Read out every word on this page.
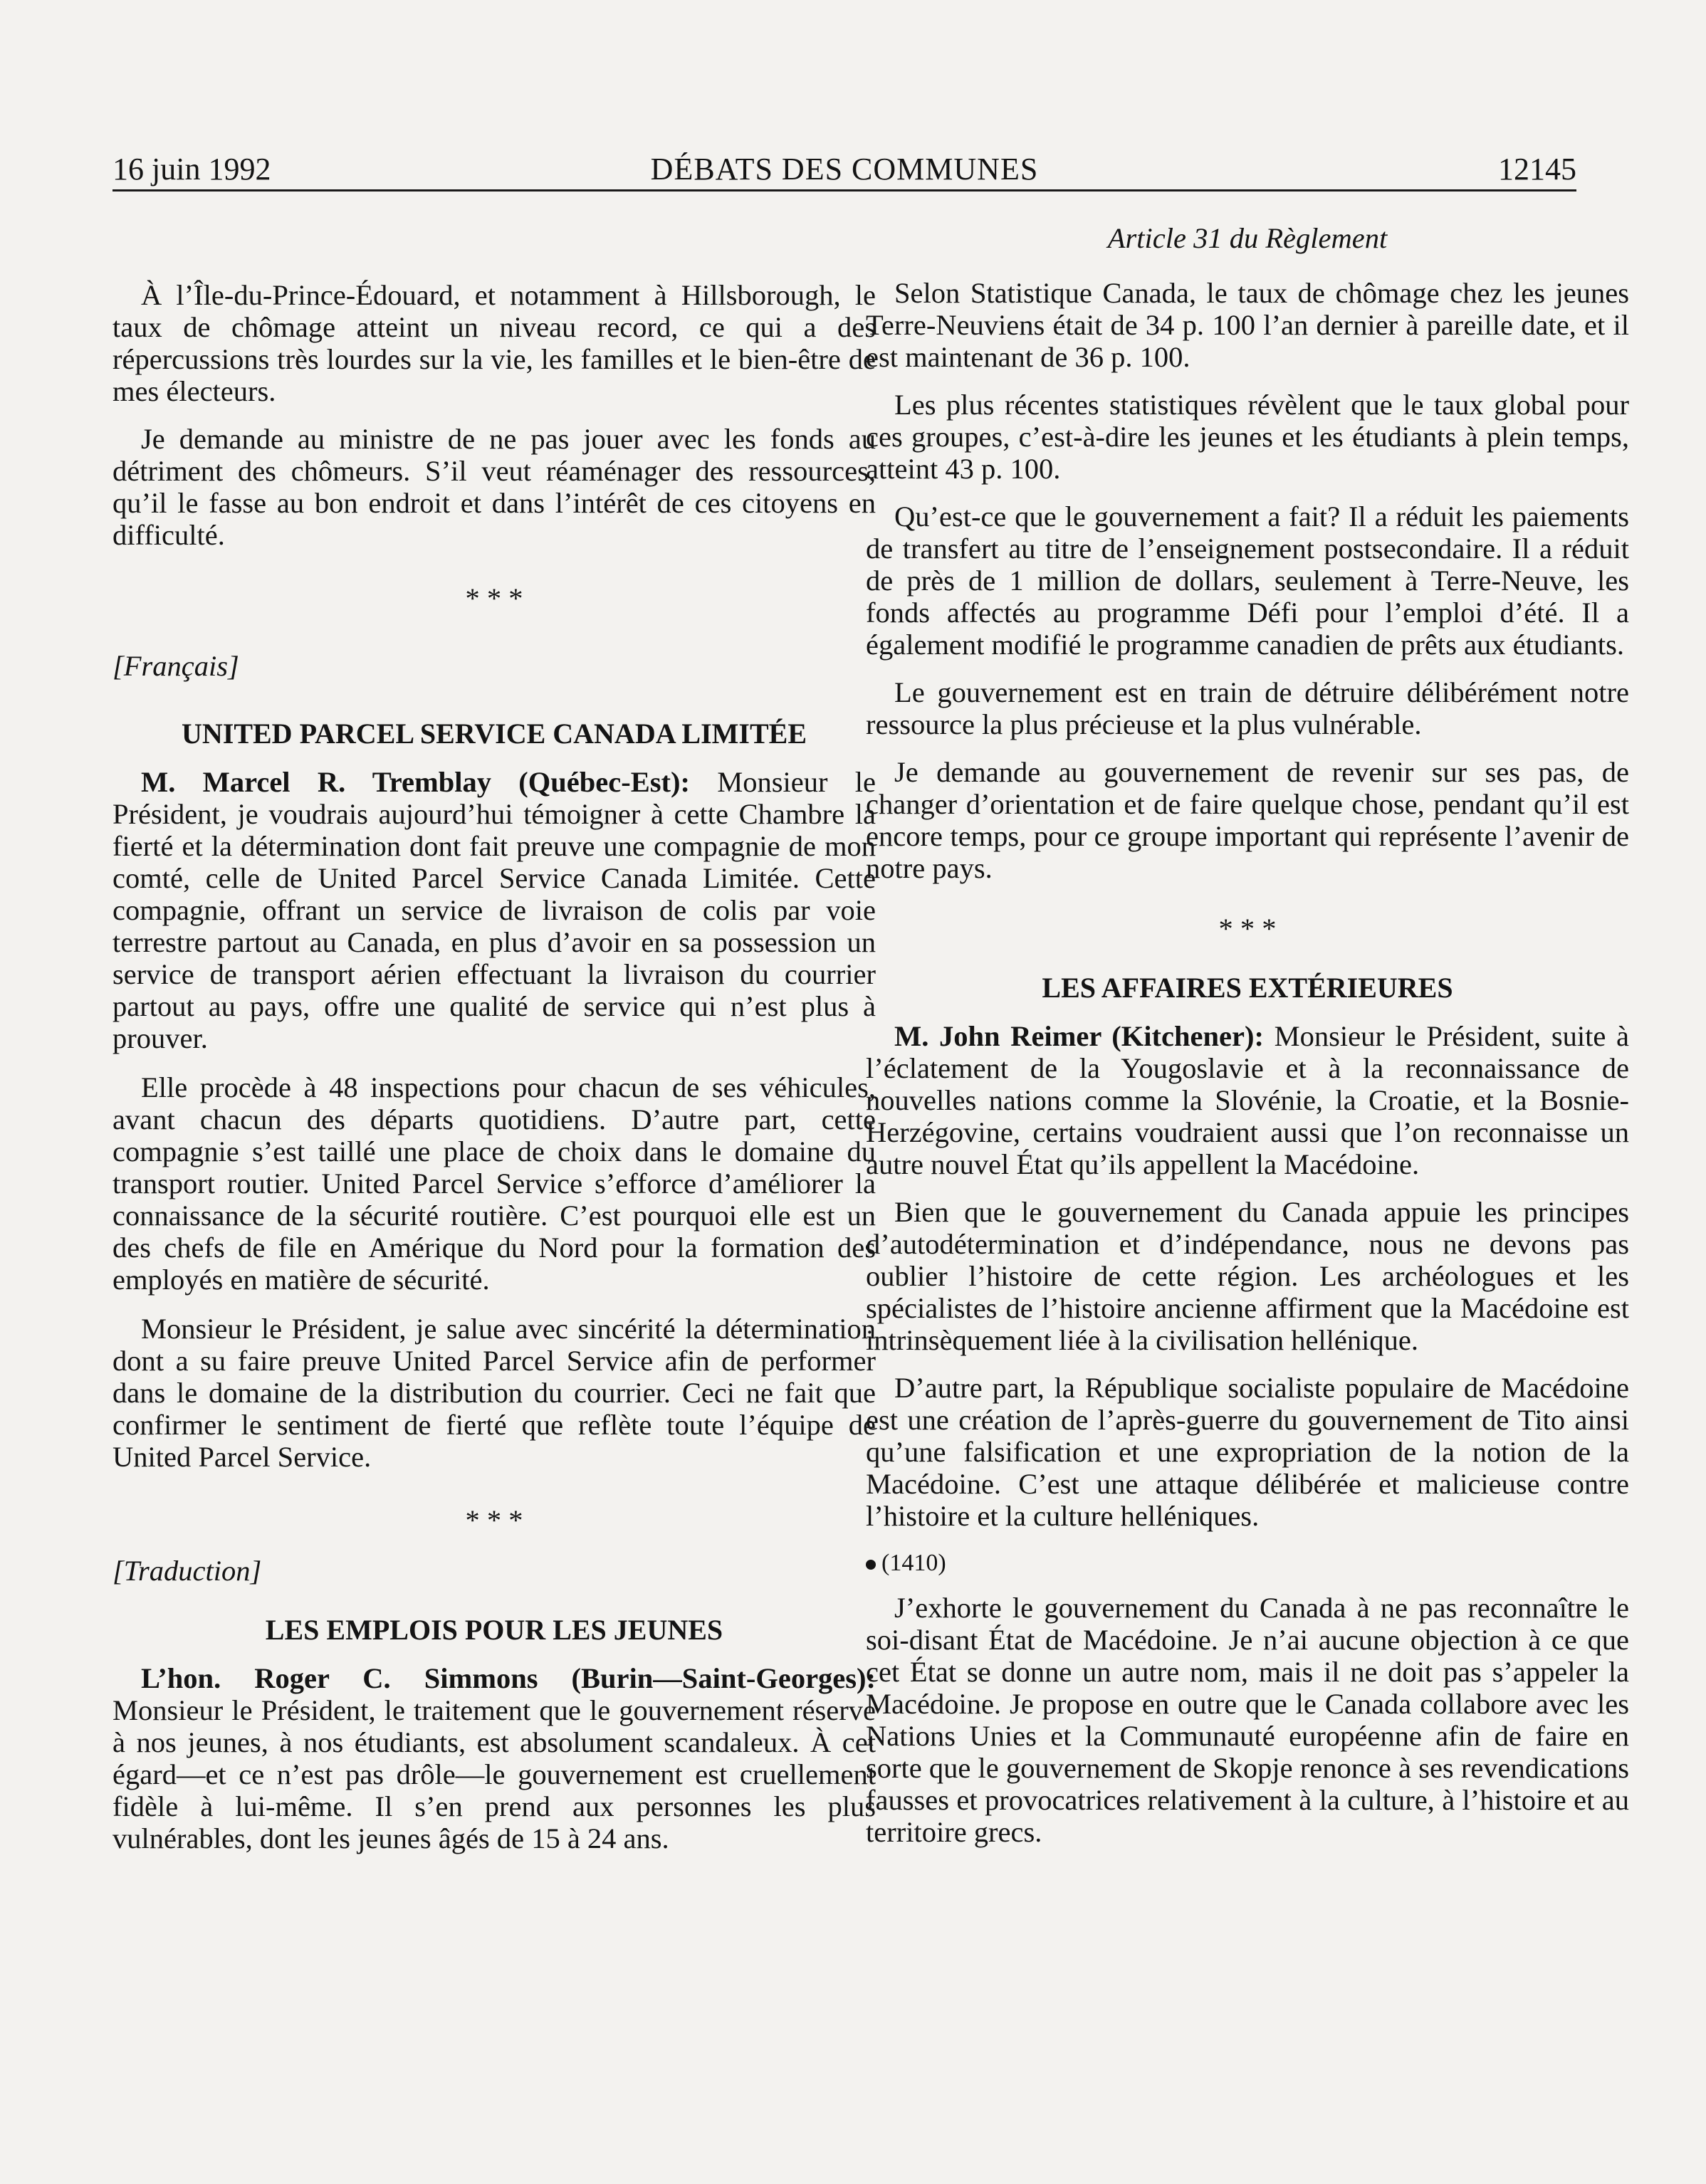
16 juin 1992	DÉBATS DES COMMUNES	12145

À l’Île-du-Prince-Édouard, et notamment à Hillsborough, le taux de chômage atteint un niveau record, ce qui a des répercussions très lourdes sur la vie, les familles et le bien-être de mes électeurs.

Je demande au ministre de ne pas jouer avec les fonds au détriment des chômeurs. S’il veut réaménager des ressources, qu’il le fasse au bon endroit et dans l’intérêt de ces citoyens en difficulté.

* * *

[Français]

UNITED PARCEL SERVICE CANADA LIMITÉE

M. Marcel R. Tremblay (Québec-Est): Monsieur le Président, je voudrais aujourd’hui témoigner à cette Chambre la fierté et la détermination dont fait preuve une compagnie de mon comté, celle de United Parcel Service Canada Limitée. Cette compagnie, offrant un service de livraison de colis par voie terrestre partout au Canada, en plus d’avoir en sa possession un service de transport aérien effectuant la livraison du courrier partout au pays, offre une qualité de service qui n’est plus à prouver.

Elle procède à 48 inspections pour chacun de ses véhicules, avant chacun des départs quotidiens. D’autre part, cette compagnie s’est taillé une place de choix dans le domaine du transport routier. United Parcel Service s’efforce d’améliorer la connaissance de la sécurité routière. C’est pourquoi elle est un des chefs de file en Amérique du Nord pour la formation des employés en matière de sécurité.

Monsieur le Président, je salue avec sincérité la détermination dont a su faire preuve United Parcel Service afin de performer dans le domaine de la distribution du courrier. Ceci ne fait que confirmer le sentiment de fierté que reflète toute l’équipe de United Parcel Service.

* * *

[Traduction]

LES EMPLOIS POUR LES JEUNES

L’hon. Roger C. Simmons (Burin—Saint-Georges): Monsieur le Président, le traitement que le gouvernement réserve à nos jeunes, à nos étudiants, est absolument scandaleux. À cet égard—et ce n’est pas drôle—le gouvernement est cruellement fidèle à lui-même. Il s’en prend aux personnes les plus vulnérables, dont les jeunes âgés de 15 à 24 ans.

Article 31 du Règlement

Selon Statistique Canada, le taux de chômage chez les jeunes Terre-Neuviens était de 34 p. 100 l’an dernier à pareille date, et il est maintenant de 36 p. 100.

Les plus récentes statistiques révèlent que le taux global pour ces groupes, c’est-à-dire les jeunes et les étudiants à plein temps, atteint 43 p. 100.

Qu’est-ce que le gouvernement a fait? Il a réduit les paiements de transfert au titre de l’enseignement postsecondaire. Il a réduit de près de 1 million de dollars, seulement à Terre-Neuve, les fonds affectés au programme Défi pour l’emploi d’été. Il a également modifié le programme canadien de prêts aux étudiants.

Le gouvernement est en train de détruire délibérément notre ressource la plus précieuse et la plus vulnérable.

Je demande au gouvernement de revenir sur ses pas, de changer d’orientation et de faire quelque chose, pendant qu’il est encore temps, pour ce groupe important qui représente l’avenir de notre pays.

* * *

LES AFFAIRES EXTÉRIEURES

M. John Reimer (Kitchener): Monsieur le Président, suite à l’éclatement de la Yougoslavie et à la reconnaissance de nouvelles nations comme la Slovénie, la Croatie, et la Bosnie-Herzégovine, certains voudraient aussi que l’on reconnaisse un autre nouvel État qu’ils appellent la Macédoine.

Bien que le gouvernement du Canada appuie les principes d’autodétermination et d’indépendance, nous ne devons pas oublier l’histoire de cette région. Les archéologues et les spécialistes de l’histoire ancienne affirment que la Macédoine est intrinsèquement liée à la civilisation hellénique.

D’autre part, la République socialiste populaire de Macédoine est une création de l’après-guerre du gouvernement de Tito ainsi qu’une falsification et une expropriation de la notion de la Macédoine. C’est une attaque délibérée et malicieuse contre l’histoire et la culture helléniques.

(1410)

J’exhorte le gouvernement du Canada à ne pas reconnaître le soi-disant État de Macédoine. Je n’ai aucune objection à ce que cet État se donne un autre nom, mais il ne doit pas s’appeler la Macédoine. Je propose en outre que le Canada collabore avec les Nations Unies et la Communauté européenne afin de faire en sorte que le gouvernement de Skopje renonce à ses revendications fausses et provocatrices relativement à la culture, à l’histoire et au territoire grecs.
